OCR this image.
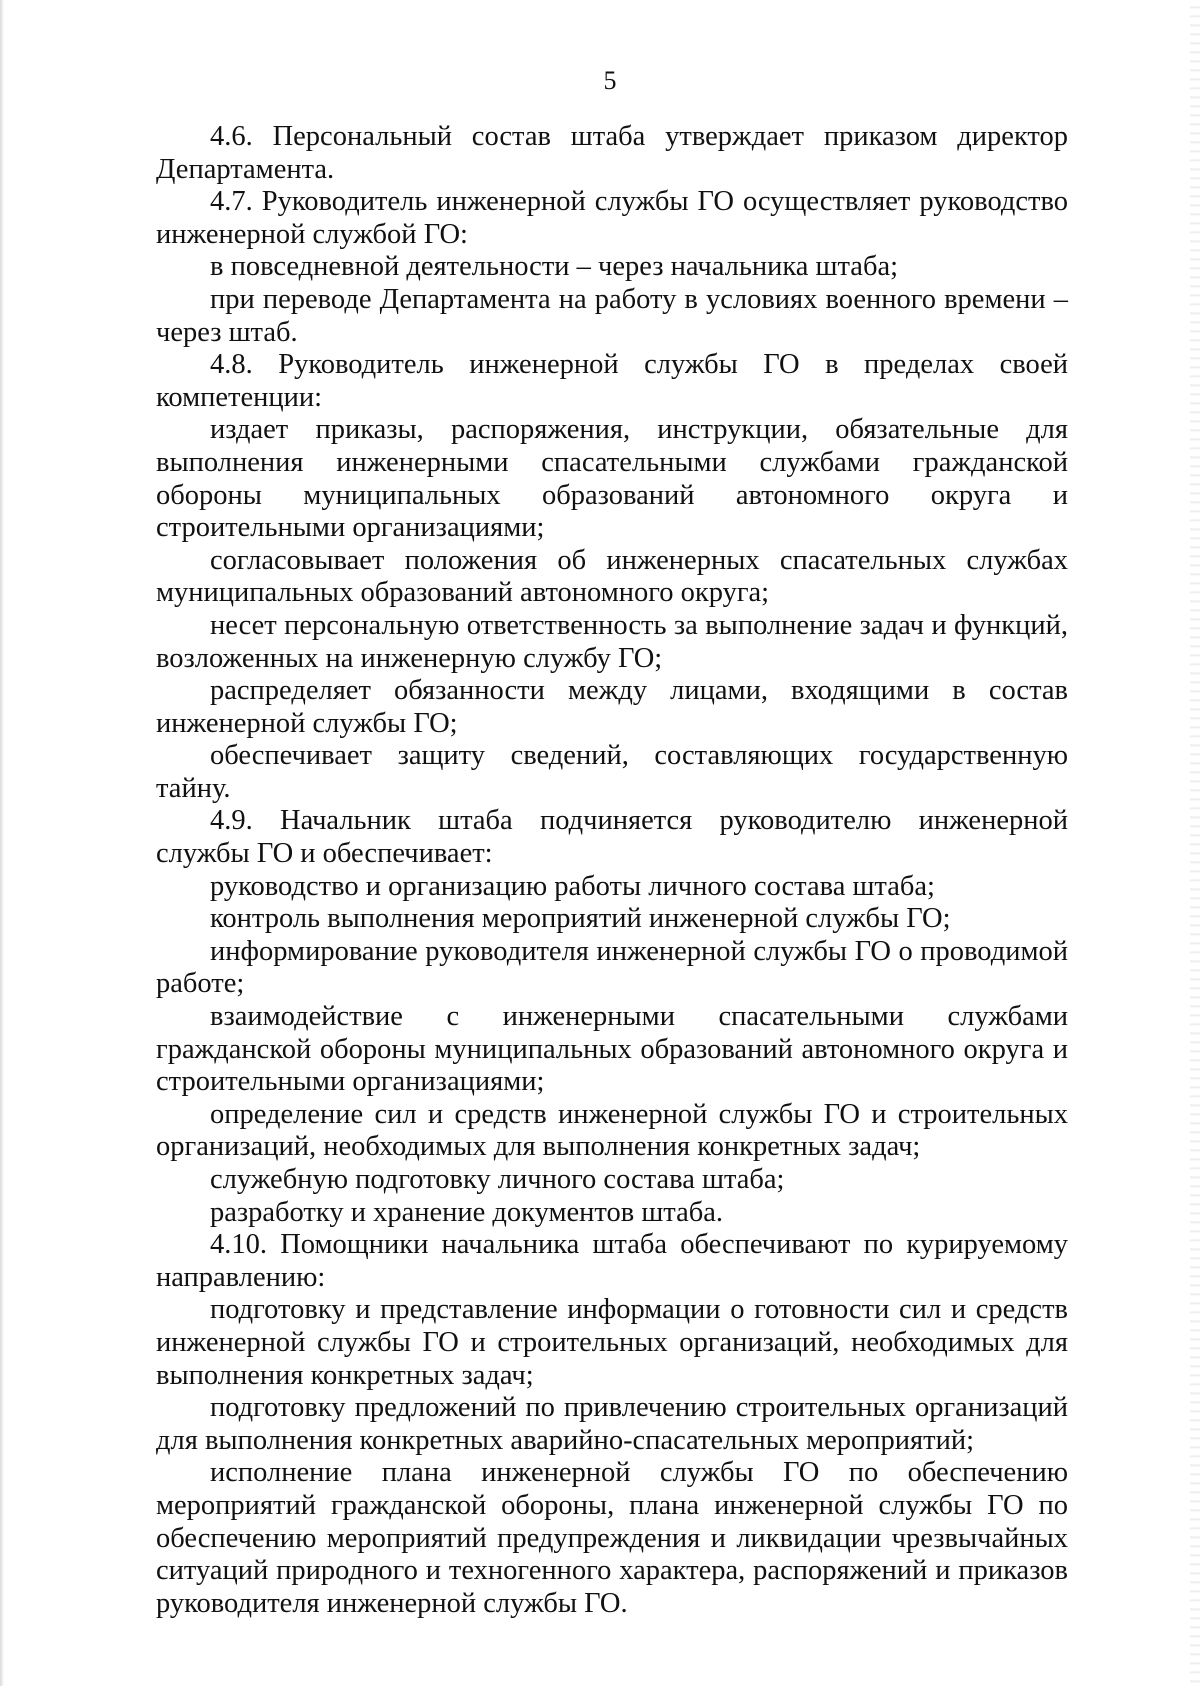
5

4.6. Персональный состав штаба утверждает приказом директор Департамента.

4.7. Руководитель инженерной службы ГО осуществляет руководство инженерной службой ГО:

в повседневной деятельности – через начальника штаба;

при переводе Департамента на работу в условиях военного времени – через штаб.

4.8. Руководитель инженерной службы ГО в пределах своей компетенции:

издает приказы, распоряжения, инструкции, обязательные для выполнения инженерными спасательными службами гражданской обороны муниципальных образований автономного округа и строительными организациями;

согласовывает положения об инженерных спасательных службах муниципальных образований автономного округа;

несет персональную ответственность за выполнение задач и функций, возложенных на инженерную службу ГО;

распределяет обязанности между лицами, входящими в состав инженерной службы ГО;

обеспечивает защиту сведений, составляющих государственную тайну.

4.9. Начальник штаба подчиняется руководителю инженерной службы ГО и обеспечивает:

руководство и организацию работы личного состава штаба;

контроль выполнения мероприятий инженерной службы ГО;

информирование руководителя инженерной службы ГО о проводимой работе;

взаимодействие с инженерными спасательными службами гражданской обороны муниципальных образований автономного округа и строительными организациями;

определение сил и средств инженерной службы ГО и строительных организаций, необходимых для выполнения конкретных задач;

служебную подготовку личного состава штаба;

разработку и хранение документов штаба.

4.10. Помощники начальника штаба обеспечивают по курируемому направлению:

подготовку и представление информации о готовности сил и средств инженерной службы ГО и строительных организаций, необходимых для выполнения конкретных задач;

подготовку предложений по привлечению строительных организаций для выполнения конкретных аварийно-спасательных мероприятий;

исполнение плана инженерной службы ГО по обеспечению мероприятий гражданской обороны, плана инженерной службы ГО по обеспечению мероприятий предупреждения и ликвидации чрезвычайных ситуаций природного и техногенного характера, распоряжений и приказов руководителя инженерной службы ГО.
